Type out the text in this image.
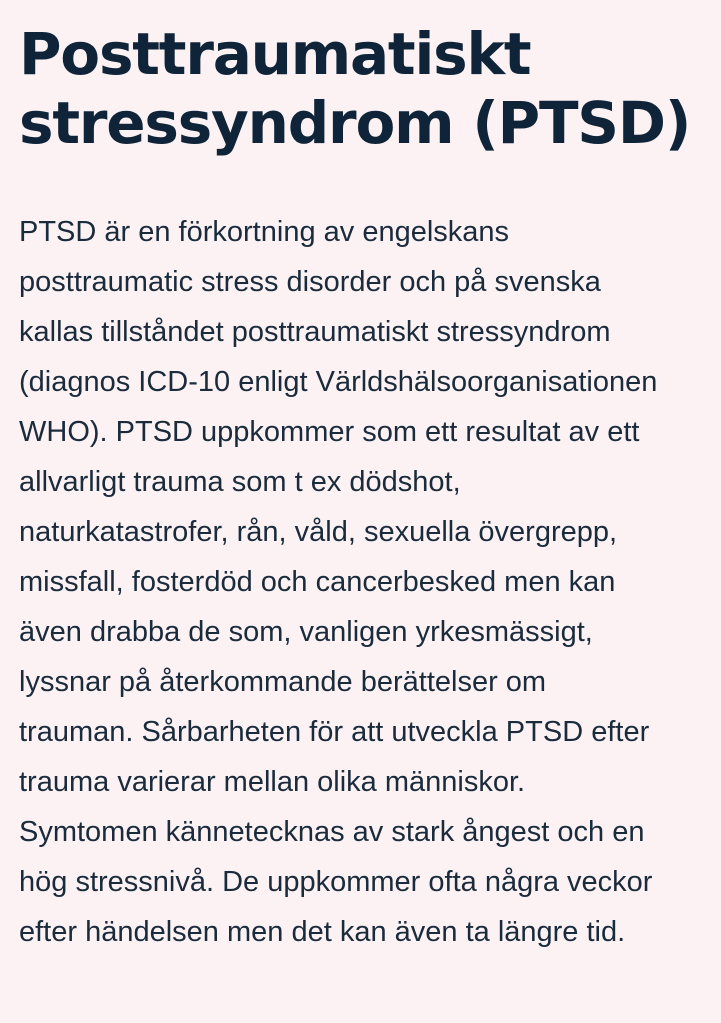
Posttraumatiskt
stressyndrom (PTSD)
PTSD är en förkortning av engelskans
posttraumatic stress disorder och på svenska
kallas tillståndet posttraumatiskt stressyndrom
(diagnos ICD-10 enligt Världshälsoorganisationen
WHO). PTSD uppkommer som ett resultat av ett
allvarligt trauma som t ex dödshot,
naturkatastrofer, rån, våld, sexuella övergrepp,
missfall, fosterdöd och cancerbesked men kan
även drabba de som, vanligen yrkesmässigt,
lyssnar på återkommande berättelser om
trauman. Sårbarheten för att utveckla PTSD efter
trauma varierar mellan olika människor.
Symtomen kännetecknas av stark ångest och en
hög stressnivå. De uppkommer ofta några veckor
efter händelsen men det kan även ta längre tid.
